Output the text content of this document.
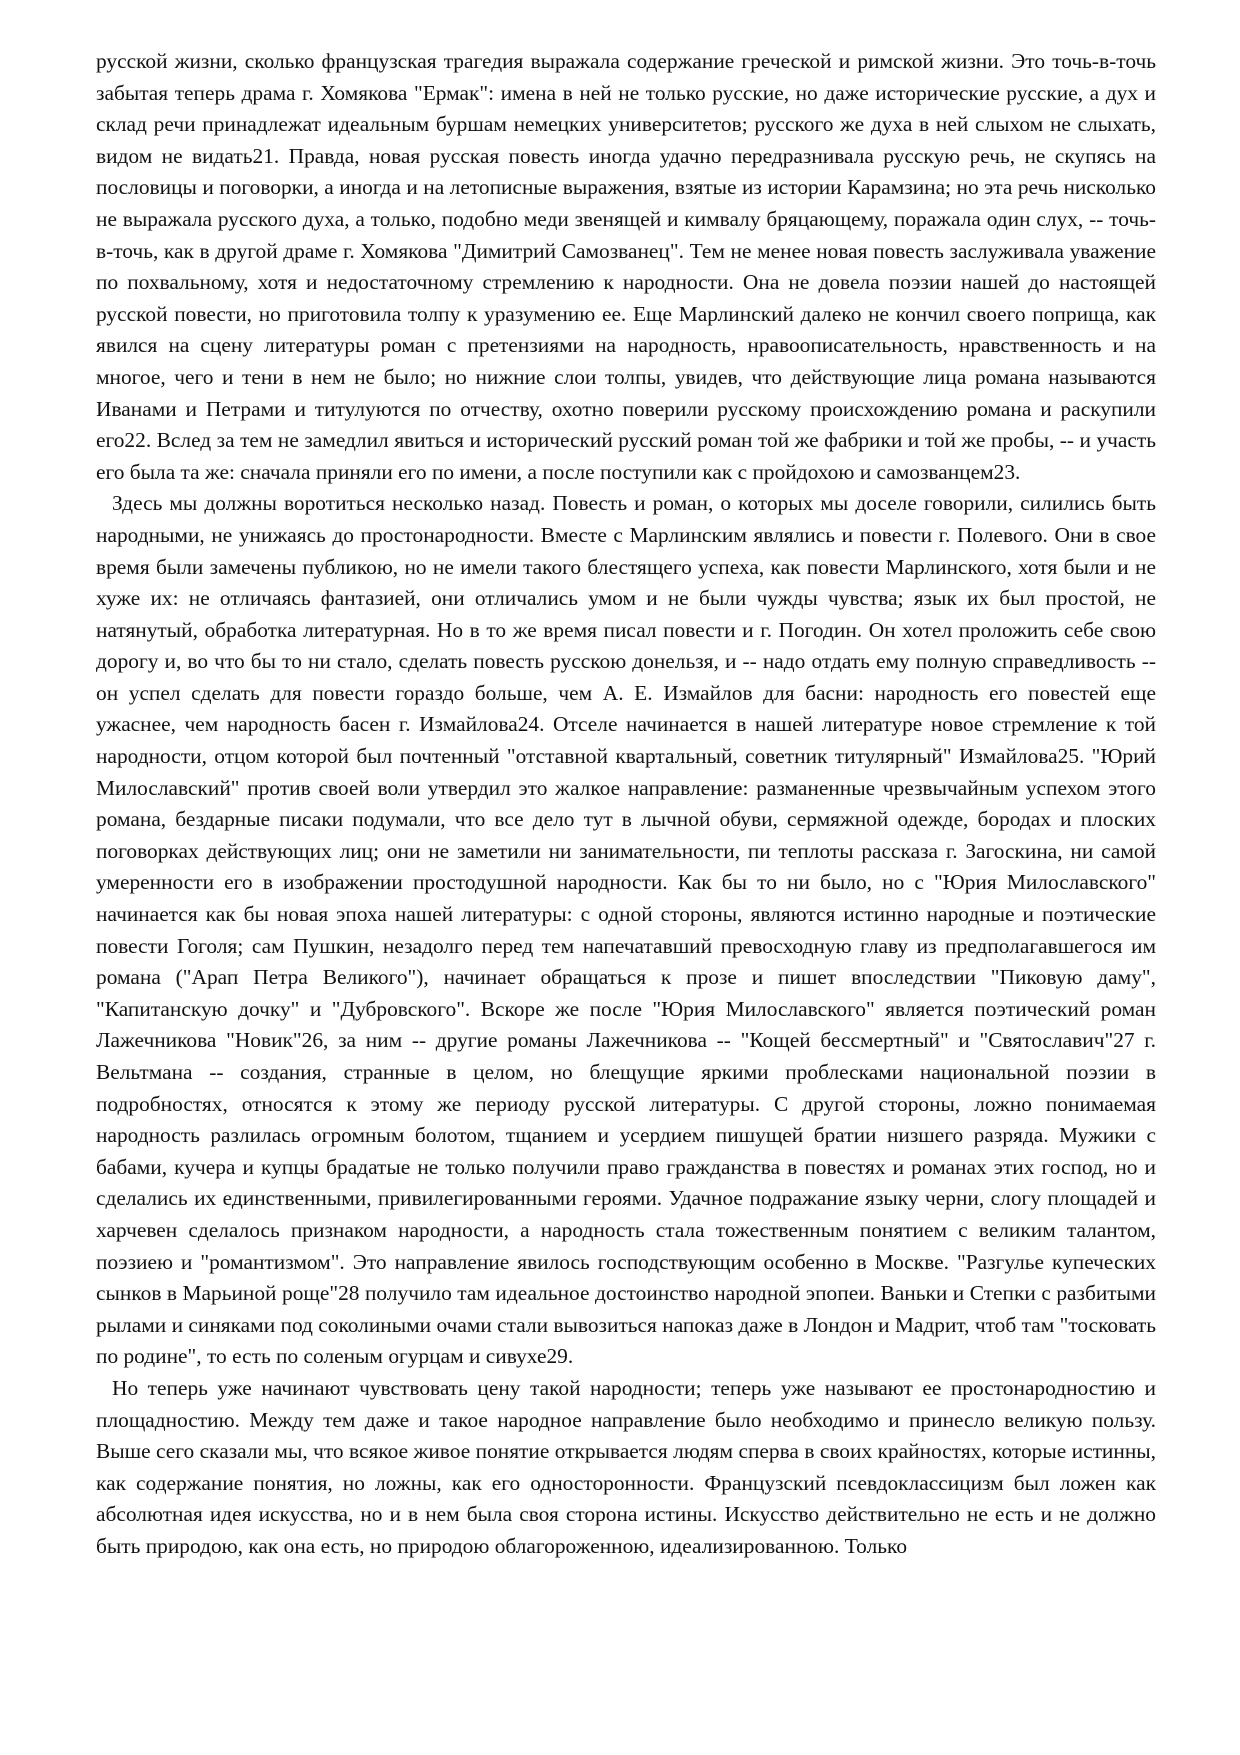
русской жизни, сколько французская трагедия выражала содержание греческой и римской жизни. Это точь-в-точь забытая теперь драма г. Хомякова "Ермак": имена в ней не только русские, но даже исторические русские, а дух и склад речи принадлежат идеальным буршам немецких университетов; русского же духа в ней слыхом не слыхать, видом не видать21. Правда, новая русская повесть иногда удачно передразнивала русскую речь, не скупясь на пословицы и поговорки, а иногда и на летописные выражения, взятые из истории Карамзина; но эта речь нисколько не выражала русского духа, а только, подобно меди звенящей и кимвалу бряцающему, поражала один слух, -- точь-в-точь, как в другой драме г. Хомякова "Димитрий Самозванец". Тем не менее новая повесть заслуживала уважение по похвальному, хотя и недостаточному стремлению к народности. Она не довела поэзии нашей до настоящей русской повести, но приготовила толпу к уразумению ее. Еще Марлинский далеко не кончил своего поприща, как явился на сцену литературы роман с претензиями на народность, нравоописательность, нравственность и на многое, чего и тени в нем не было; но нижние слои толпы, увидев, что действующие лица романа называются Иванами и Петрами и титулуются по отчеству, охотно поверили русскому происхождению романа и раскупили его22. Вслед за тем не замедлил явиться и исторический русский роман той же фабрики и той же пробы, -- и участь его была та же: сначала приняли его по имени, а после поступили как с пройдохою и самозванцем23.

Здесь мы должны воротиться несколько назад. Повесть и роман, о которых мы доселе говорили, силились быть народными, не унижаясь до простонародности. Вместе с Марлинским являлись и повести г. Полевого. Они в свое время были замечены публикою, но не имели такого блестящего успеха, как повести Марлинского, хотя были и не хуже их: не отличаясь фантазией, они отличались умом и не были чужды чувства; язык их был простой, не натянутый, обработка литературная. Но в то же время писал повести и г. Погодин. Он хотел проложить себе свою дорогу и, во что бы то ни стало, сделать повесть русскою донельзя, и -- надо отдать ему полную справедливость -- он успел сделать для повести гораздо больше, чем А. Е. Измайлов для басни: народность его повестей еще ужаснее, чем народность басен г. Измайлова24. Отселе начинается в нашей литературе новое стремление к той народности, отцом которой был почтенный "отставной квартальный, советник титулярный" Измайлова25. "Юрий Милославский" против своей воли утвердил это жалкое направление: разманенные чрезвычайным успехом этого романа, бездарные писаки подумали, что все дело тут в лычной обуви, сермяжной одежде, бородах и плоских поговорках действующих лиц; они не заметили ни занимательности, пи теплоты рассказа г. Загоскина, ни самой умеренности его в изображении простодушной народности. Как бы то ни было, но с "Юрия Милославского" начинается как бы новая эпоха нашей литературы: с одной стороны, являются истинно народные и поэтические повести Гоголя; сам Пушкин, незадолго перед тем напечатавший превосходную главу из предполагавшегося им романа ("Арап Петра Великого"), начинает обращаться к прозе и пишет впоследствии "Пиковую даму", "Капитанскую дочку" и "Дубровского". Вскоре же после "Юрия Милославского" является поэтический роман Лажечникова "Новик"26, за ним -- другие романы Лажечникова -- "Кощей бессмертный" и "Святославич"27 г. Вельтмана -- создания, странные в целом, но блещущие яркими проблесками национальной поэзии в подробностях, относятся к этому же периоду русской литературы. С другой стороны, ложно понимаемая народность разлилась огромным болотом, тщанием и усердием пишущей братии низшего разряда. Мужики с бабами, кучера и купцы брадатые не только получили право гражданства в повестях и романах этих господ, но и сделались их единственными, привилегированными героями. Удачное подражание языку черни, слогу площадей и харчевен сделалось признаком народности, а народность стала тожественным понятием с великим талантом, поэзиею и "романтизмом". Это направление явилось господствующим особенно в Москве. "Разгулье купеческих сынков в Марьиной роще"28 получило там идеальное достоинство народной эпопеи. Ваньки и Степки с разбитыми рылами и синяками под соколиными очами стали вывозиться напоказ даже в Лондон и Мадрит, чтоб там "тосковать по родине", то есть по соленым огурцам и сивухе29.

Но теперь уже начинают чувствовать цену такой народности; теперь уже называют ее простонародностию и площадностию. Между тем даже и такое народное направление было необходимо и принесло великую пользу. Выше сего сказали мы, что всякое живое понятие открывается людям сперва в своих крайностях, которые истинны, как содержание понятия, но ложны, как его односторонности. Французский псевдоклассицизм был ложен как абсолютная идея искусства, но и в нем была своя сторона истины. Искусство действительно не есть и не должно быть природою, как она есть, но природою облагороженною, идеализированною. Только
